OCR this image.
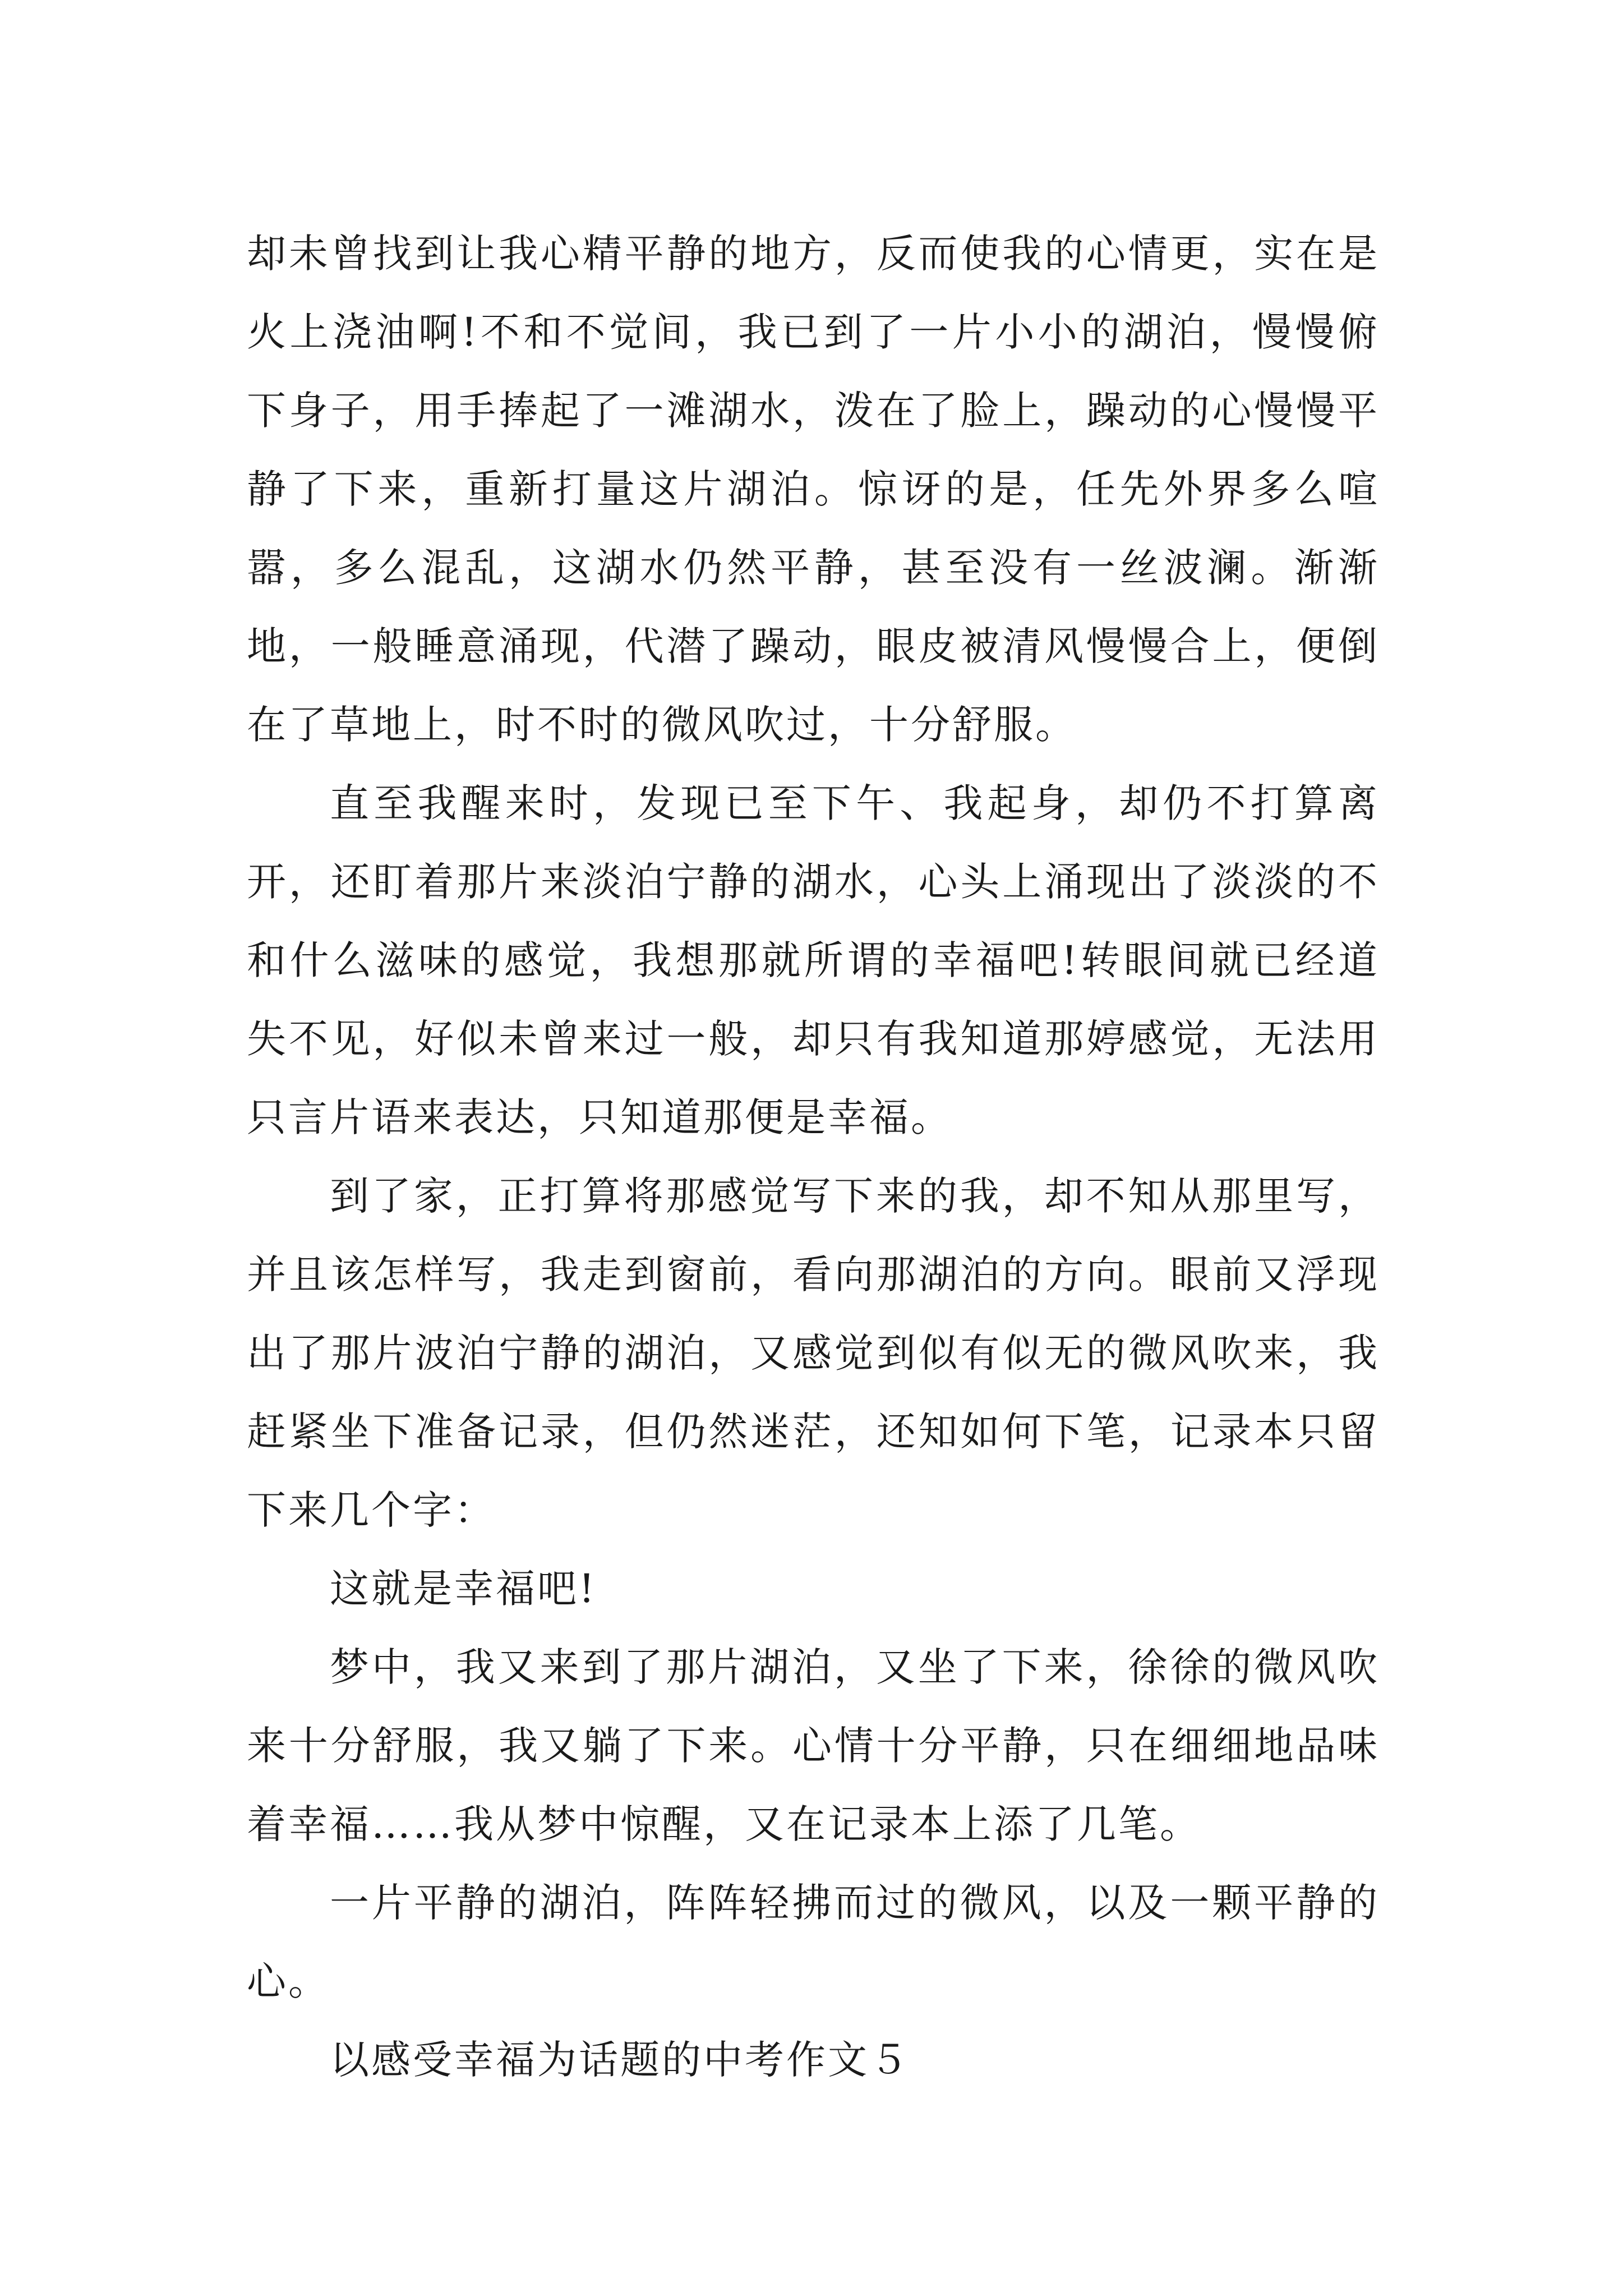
却未曾找到让我心精平静的地方，反而使我的心情更，实在是火上浇油啊!不和不觉间，我已到了一片小小的湖泊，慢慢俯下身子，用手捧起了一滩湖水，泼在了脸上，躁动的心慢慢平静了下来，重新打量这片湖泊。惊讶的是，任先外界多么喧嚣，多么混乱，这湖水仍然平静，甚至没有一丝波澜。渐渐地，一般睡意涌现，代潜了躁动，眼皮被清风慢慢合上，便倒在了草地上，时不时的微风吹过，十分舒服。

直至我醒来时，发现已至下午、我起身，却仍不打算离开，还盯着那片来淡泊宁静的湖水，心头上涌现出了淡淡的不和什么滋味的感觉，我想那就所谓的幸福吧!转眼间就已经道失不见，好似未曾来过一般，却只有我知道那婷感觉，无法用只言片语来表达，只知道那便是幸福。

到了家，正打算将那感觉写下来的我，却不知从那里写，并且该怎样写，我走到窗前，看向那湖泊的方向。眼前又浮现出了那片波泊宁静的湖泊，又感觉到似有似无的微风吹来，我赶紧坐下准备记录，但仍然迷茫，还知如何下笔，记录本只留下来几个字：

这就是幸福吧!

梦中，我又来到了那片湖泊，又坐了下来，徐徐的微风吹来十分舒服，我又躺了下来。心情十分平静，只在细细地品味着幸福……我从梦中惊醒，又在记录本上添了几笔。

一片平静的湖泊，阵阵轻拂而过的微风，以及一颗平静的心。

以感受幸福为话题的中考作文５
